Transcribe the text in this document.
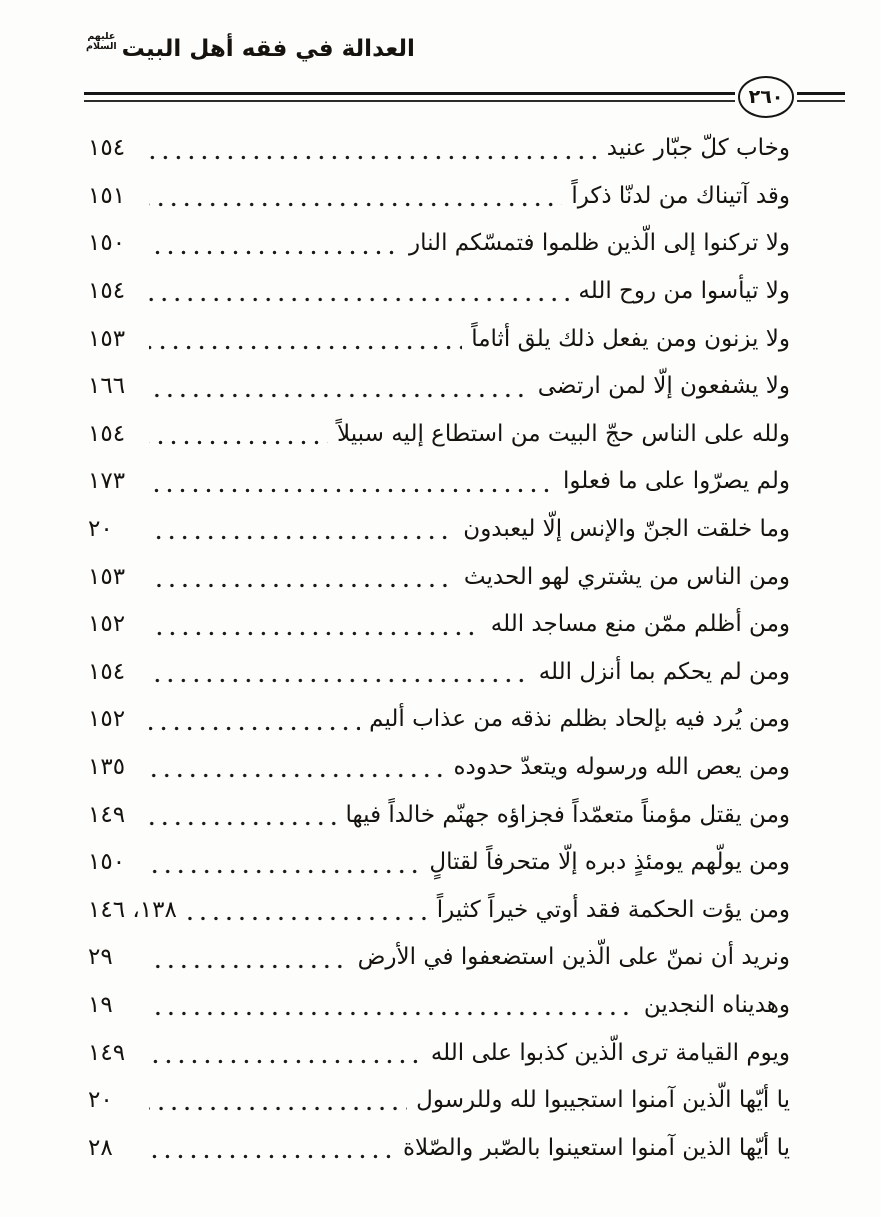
العدالة في فقه أهل البيت
عليهم
السلام
٢٦٠
وخاب كلّ جبّار عنيد
١٥٤
وقد آتيناك من لدنّا ذكراً
١٥١
ولا تركنوا إلى الّذين ظلموا فتمسّكم النار
١٥٠
ولا تيأسوا من روح الله
١٥٤
ولا يزنون ومن يفعل ذلك يلق أثاماً
١٥٣
ولا يشفعون إلّا لمن ارتضى
١٦٦
ولله على الناس حجّ البيت من استطاع إليه سبيلاً
١٥٤
ولم يصرّوا على ما فعلوا
١٧٣
وما خلقت الجنّ والإنس إلّا ليعبدون
٢٠
ومن الناس من يشتري لهو الحديث
١٥٣
ومن أظلم ممّن منع مساجد الله
١٥٢
ومن لم يحكم بما أنزل الله
١٥٤
ومن يُرد فيه بإلحاد بظلم نذقه من عذاب أليم
١٥٢
ومن يعص الله ورسوله ويتعدّ حدوده
١٣٥
ومن يقتل مؤمناً متعمّداً فجزاؤه جهنّم خالداً فيها
١٤٩
ومن يولّهم يومئذٍ دبره إلّا متحرفاً لقتالٍ
١٥٠
ومن يؤت الحكمة فقد أوتي خيراً كثيراً
١٣٨، ١٤٦
ونريد أن نمنّ على الّذين استضعفوا في الأرض
٢٩
وهديناه النجدين
١٩
ويوم القيامة ترى الّذين كذبوا على الله
١٤٩
يا أيّها الّذين آمنوا استجيبوا لله وللرسول
٢٠
يا أيّها الذين آمنوا استعينوا بالصّبر والصّلاة
٢٨
